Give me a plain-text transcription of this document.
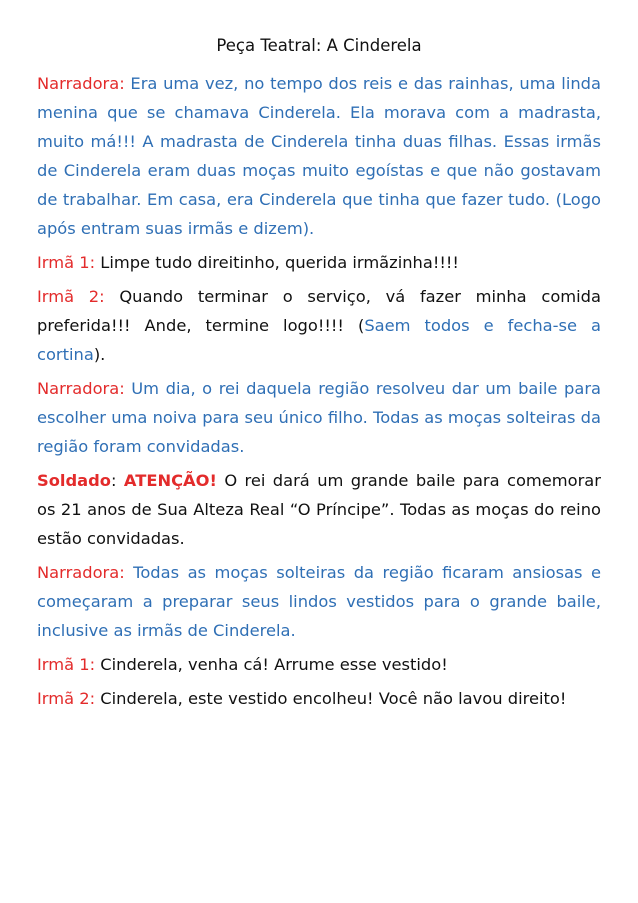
Peça Teatral: A Cinderela

Narradora: Era uma vez, no tempo dos reis e das rainhas, uma linda menina que se chamava Cinderela. Ela morava com a madrasta, muito má!!! A madrasta de Cinderela tinha duas filhas. Essas irmãs de Cinderela eram duas moças muito egoístas e que não gostavam de trabalhar. Em casa, era Cinderela que tinha que fazer tudo. (Logo após entram suas irmãs e dizem).

Irmã 1: Limpe tudo direitinho, querida irmãzinha!!!!

Irmã 2: Quando terminar o serviço, vá fazer minha comida preferida!!! Ande, termine logo!!!! (Saem todos e fecha-se a cortina).

Narradora: Um dia, o rei daquela região resolveu dar um baile para escolher uma noiva para seu único filho. Todas as moças solteiras da região foram convidadas.

Soldado: ATENÇÃO! O rei dará um grande baile para comemorar os 21 anos de Sua Alteza Real “O Príncipe”. Todas as moças do reino estão convidadas.

Narradora: Todas as moças solteiras da região ficaram ansiosas e começaram a preparar seus lindos vestidos para o grande baile, inclusive as irmãs de Cinderela.

Irmã 1: Cinderela, venha cá! Arrume esse vestido!

Irmã 2: Cinderela, este vestido encolheu! Você não lavou direito!
